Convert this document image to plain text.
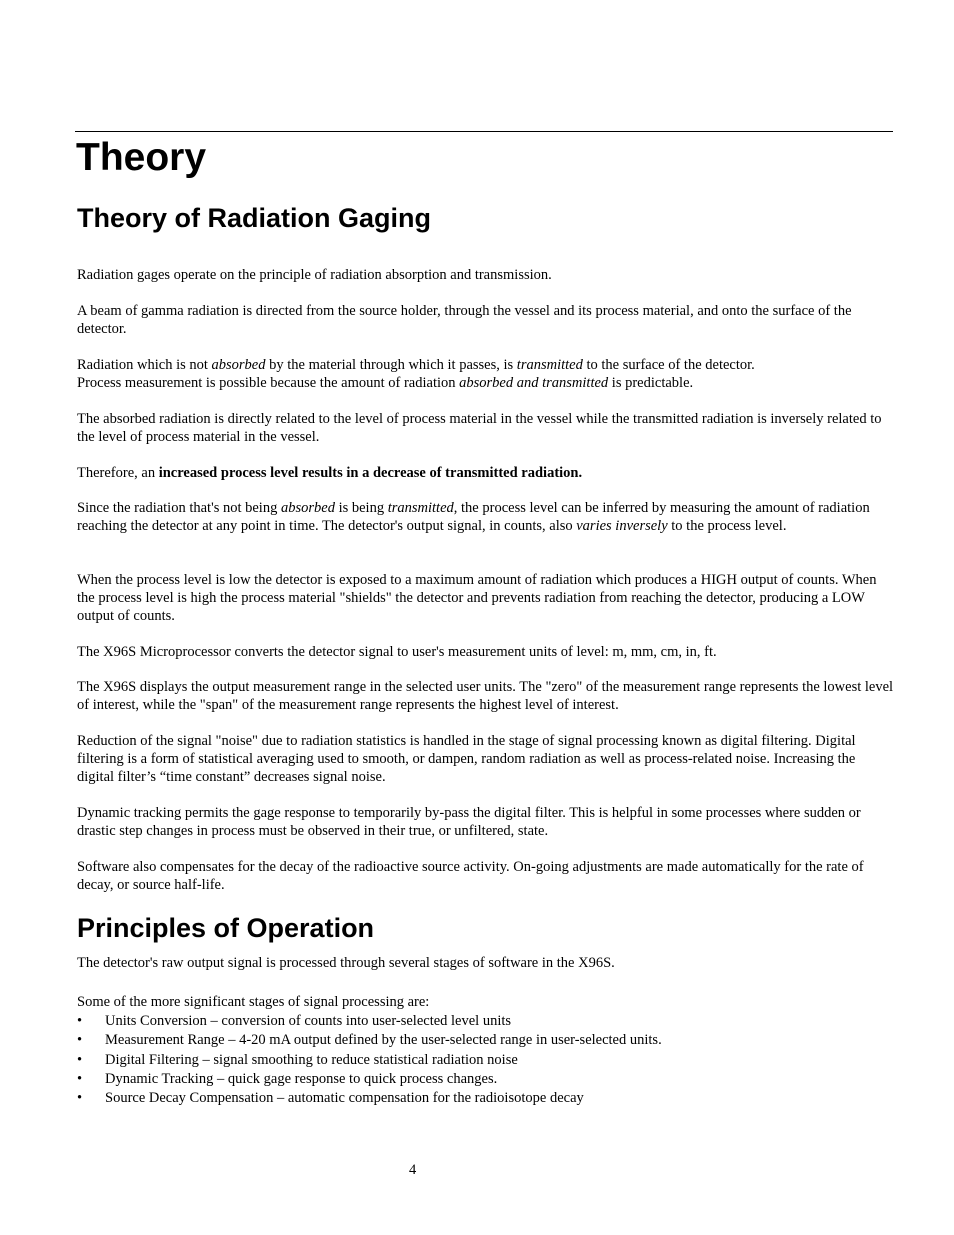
Theory
Theory of Radiation Gaging

Radiation gages operate on the principle of radiation absorption and transmission.

A beam of gamma radiation is directed from the source holder, through the vessel and its process material, and onto the surface of the detector.

Radiation which is not absorbed by the material through which it passes, is transmitted to the surface of the detector.
Process measurement is possible because the amount of radiation absorbed and transmitted is predictable.

The absorbed radiation is directly related to the level of process material in the vessel while the transmitted radiation is inversely related to the level of process material in the vessel.

Therefore, an increased process level results in a decrease of transmitted radiation.

Since the radiation that's not being absorbed is being transmitted, the process level can be inferred by measuring the amount of radiation reaching the detector at any point in time. The detector's output signal, in counts, also varies inversely to the process level.

When the process level is low the detector is exposed to a maximum amount of radiation which produces a HIGH output of counts. When the process level is high the process material "shields" the detector and prevents radiation from reaching the detector, producing a LOW output of counts.

The X96S Microprocessor converts the detector signal to user's measurement units of level: m, mm, cm, in, ft.

The X96S displays the output measurement range in the selected user units. The "zero" of the measurement range represents the lowest level of interest, while the "span" of the measurement range represents the highest level of interest.

Reduction of the signal "noise" due to radiation statistics is handled in the stage of signal processing known as digital filtering. Digital filtering is a form of statistical averaging used to smooth, or dampen, random radiation as well as process-related noise. Increasing the digital filter’s “time constant” decreases signal noise.

Dynamic tracking permits the gage response to temporarily by-pass the digital filter. This is helpful in some processes where sudden or drastic step changes in process must be observed in their true, or unfiltered, state.

Software also compensates for the decay of the radioactive source activity. On-going adjustments are made automatically for the rate of decay, or source half-life.

Principles of Operation

The detector's raw output signal is processed through several stages of software in the X96S.

Some of the more significant stages of signal processing are:

• Units Conversion – conversion of counts into user-selected level units
• Measurement Range – 4-20 mA output defined by the user-selected range in user-selected units.
• Digital Filtering – signal smoothing to reduce statistical radiation noise
• Dynamic Tracking – quick gage response to quick process changes.
• Source Decay Compensation – automatic compensation for the radioisotope decay
4
